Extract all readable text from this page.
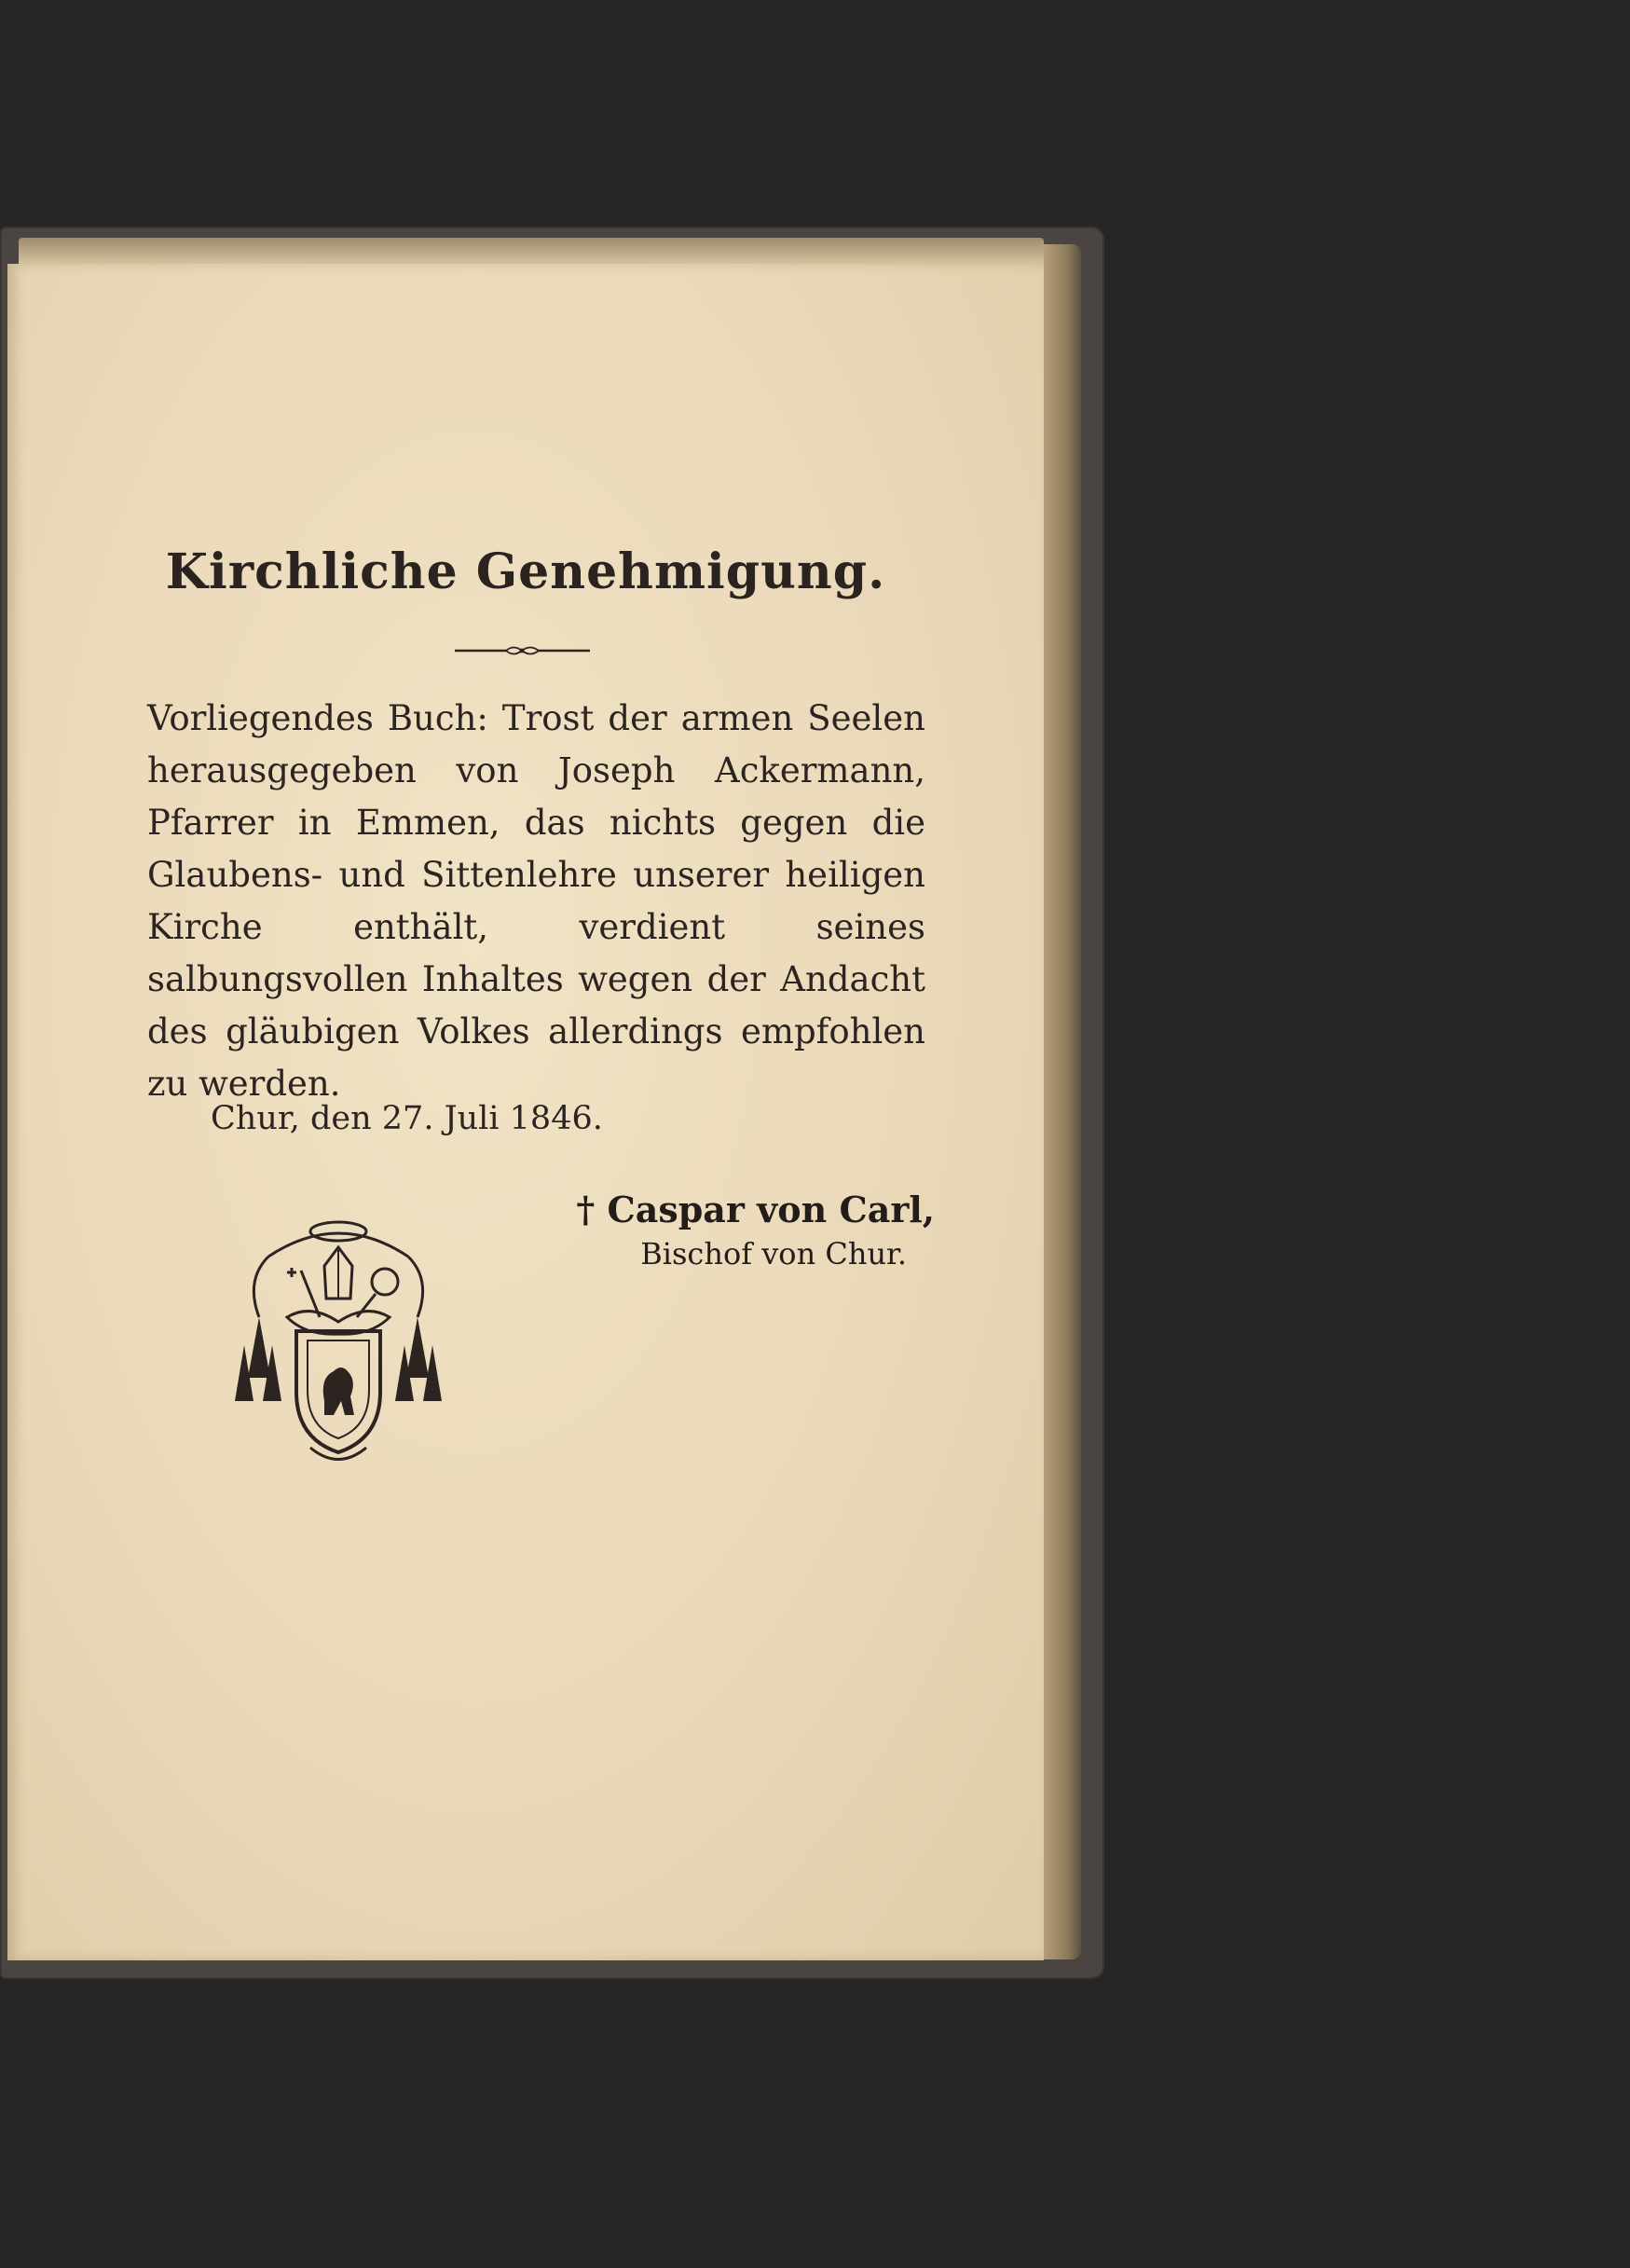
Kirchliche Genehmigung.
Vorliegendes Buch: Trost der armen Seelen herausgegeben von Joseph Ackermann, Pfarrer in Emmen, das nichts gegen die Glaubens- und Sittenlehre unserer heiligen Kirche enthält, verdient seines salbungsvollen Inhaltes wegen der Andacht des gläubigen Volkes allerdings empfohlen zu werden.
Chur, den 27. Juli 1846.
† Caspar von Carl,
Bischof von Chur.
